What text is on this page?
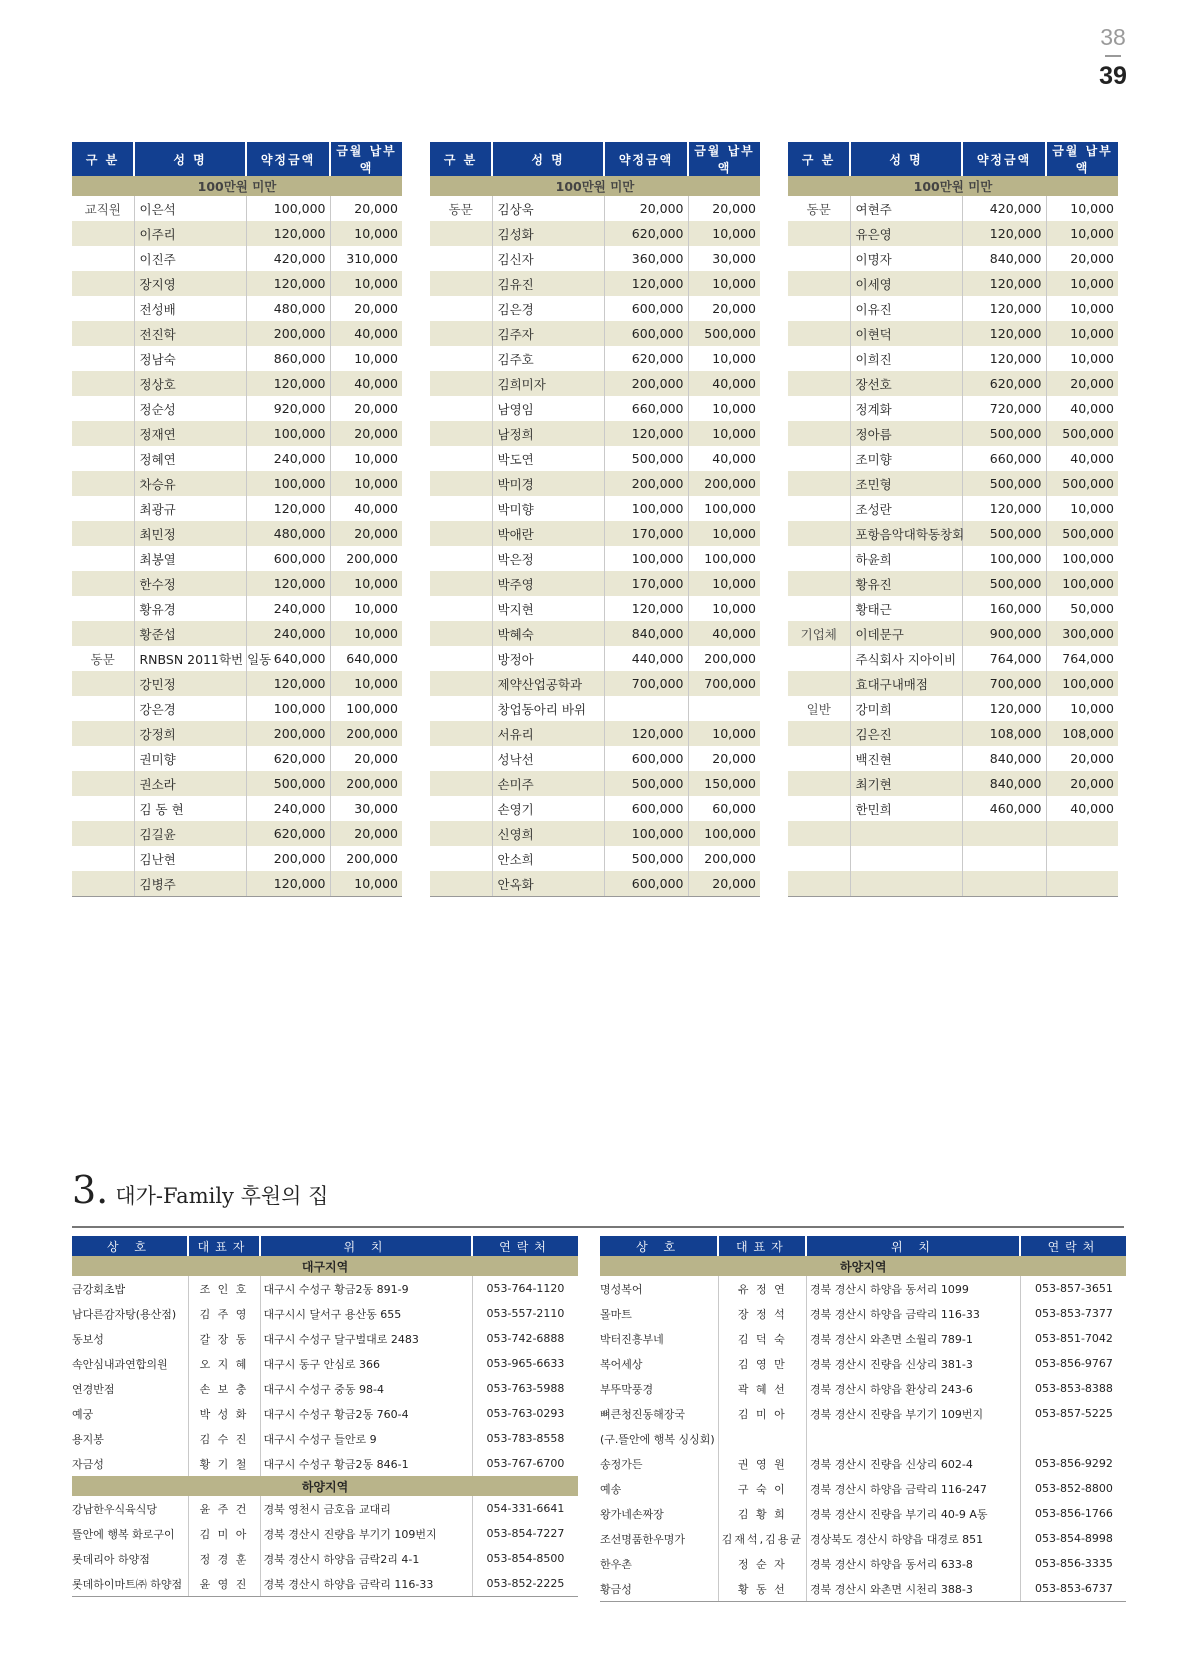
38
39
구 분	성 명	약정금액	금월 납부액
100만원 미만			
교직원	이은석	100,000	20,000
	이주리	120,000	10,000
	이진주	420,000	310,000
	장지영	120,000	10,000
	전성배	480,000	20,000
	전진학	200,000	40,000
	정남숙	860,000	10,000
	정상호	120,000	40,000
	정순성	920,000	20,000
	정재연	100,000	20,000
	정혜연	240,000	10,000
	차승유	100,000	10,000
	최광규	120,000	40,000
	최민정	480,000	20,000
	최봉열	600,000	200,000
	한수정	120,000	10,000
	황유경	240,000	10,000
	황준섭	240,000	10,000
동문	RNBSN 2011학번 일동	640,000	640,000
	강민정	120,000	10,000
	강은경	100,000	100,000
	강정희	200,000	200,000
	권미향	620,000	20,000
	권소라	500,000	200,000
	김 동 현	240,000	30,000
	김길윤	620,000	20,000
	김난현	200,000	200,000
	김병주	120,000	10,000
구 분	성 명	약정금액	금월 납부액
100만원 미만			
동문	김상욱	20,000	20,000
	김성화	620,000	10,000
	김신자	360,000	30,000
	김유진	120,000	10,000
	김은경	600,000	20,000
	김주자	600,000	500,000
	김주호	620,000	10,000
	김희미자	200,000	40,000
	남영임	660,000	10,000
	남정희	120,000	10,000
	박도연	500,000	40,000
	박미경	200,000	200,000
	박미향	100,000	100,000
	박애란	170,000	10,000
	박은정	100,000	100,000
	박주영	170,000	10,000
	박지현	120,000	10,000
	박혜숙	840,000	40,000
	방정아	440,000	200,000
	제약산업공학과	700,000	700,000
	창업동아리 바위		
	서유리	120,000	10,000
	성낙선	600,000	20,000
	손미주	500,000	150,000
	손영기	600,000	60,000
	신영희	100,000	100,000
	안소희	500,000	200,000
	안옥화	600,000	20,000
구 분	성 명	약정금액	금월 납부액
100만원 미만			
동문	여현주	420,000	10,000
	유은영	120,000	10,000
	이명자	840,000	20,000
	이세영	120,000	10,000
	이유진	120,000	10,000
	이현덕	120,000	10,000
	이희진	120,000	10,000
	장선호	620,000	20,000
	정계화	720,000	40,000
	정아름	500,000	500,000
	조미향	660,000	40,000
	조민형	500,000	500,000
	조성란	120,000	10,000
	포항음악대학동창회	500,000	500,000
	하윤희	100,000	100,000
	황유진	500,000	100,000
	황태근	160,000	50,000
기업체	이데문구	900,000	300,000
	주식회사 지아이비	764,000	764,000
	효대구내매점	700,000	100,000
일반	강미희	120,000	10,000
	김은진	108,000	108,000
	백진현	840,000	20,000
	최기현	840,000	20,000
	한민희	460,000	40,000

3. 대가-Family 후원의 집
상 호	대표자	위 치	연락처
대구지역			
금강회초밥	조 인 호	대구시 수성구 황금2동 891-9	053-764-1120
남다른감자탕(용산점)	김 주 영	대구시시 달서구 용산동 655	053-557-2110
동보성	갈 장 동	대구시 수성구 달구벌대로 2483	053-742-6888
속안심내과연합의원	오 지 혜	대구시 동구 안심로 366	053-965-6633
연경반점	손 보 충	대구시 수성구 중동 98-4	053-763-5988
예궁	박 성 화	대구시 수성구 황금2동 760-4	053-763-0293
용지봉	김 수 진	대구시 수성구 들안로 9	053-783-8558
자금성	황 기 철	대구시 수성구 황금2동 846-1	053-767-6700
하양지역			
강남한우식육식당	윤 주 건	경북 영천시 금호읍 교대리	054-331-6641
뜰안에 행복 화로구이	김 미 아	경북 경산시 진량읍 부기기 109번지	053-854-7227
롯데리아 하양점	정 경 훈	경북 경산시 하양읍 금락2리 4-1	053-854-8500
롯데하이마트㈜ 하양점	윤 영 진	경북 경산시 하양읍 금락리 116-33	053-852-2225
상 호	대표자	위 치	연락처
하양지역			
명성복어	유 정 연	경북 경산시 하양읍 동서리 1099	053-857-3651
몰마트	장 정 석	경북 경산시 하양읍 금락리 116-33	053-853-7377
박터진흥부네	김 덕 숙	경북 경산시 와촌면 소월리 789-1	053-851-7042
복어세상	김 영 만	경북 경산시 진량읍 신상리 381-3	053-856-9767
부뚜막풍경	곽 혜 선	경북 경산시 하양읍 환상리 243-6	053-853-8388
뼈큰청진동해장국	김 미 아	경북 경산시 진량읍 부기기 109번지	053-857-5225
(구.뜰안에 행복 싱싱회)			
송정가든	권 영 원	경북 경산시 진량읍 신상리 602-4	053-856-9292
예송	구 숙 이	경북 경산시 하양읍 금락리 116-247	053-852-8800
왕가네손짜장	김 황 희	경북 경산시 진량읍 부기리 40-9 A동	053-856-1766
조선명품한우명가	김재석,김용균	경상북도 경산시 하양읍 대경로 851	053-854-8998
한우촌	정 순 자	경북 경산시 하양읍 동서리 633-8	053-856-3335
황금성	황 동 선	경북 경산시 와촌면 시천리 388-3	053-853-6737
